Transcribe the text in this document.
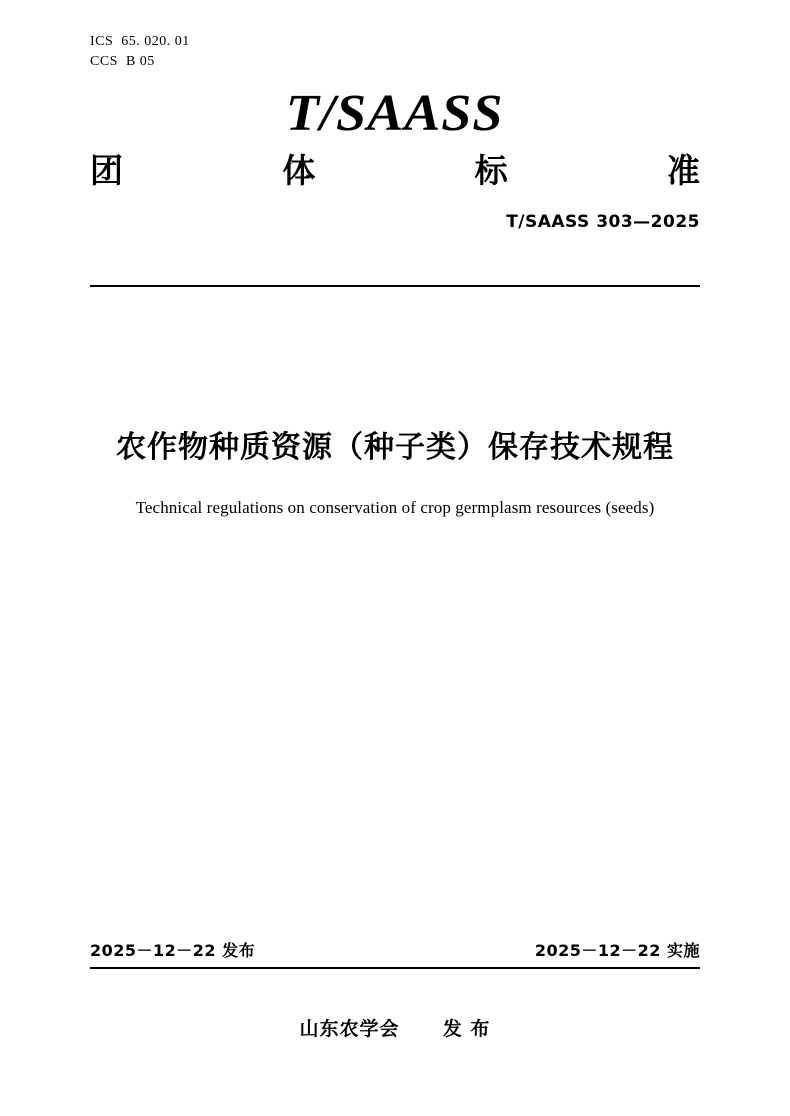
ICS  65. 020. 01
CCS  B 05
T/SAASS
团	体	标	准
T/SAASS 303—2025
农作物种质资源（种子类）保存技术规程
Technical regulations on conservation of crop germplasm resources (seeds)
2025－12－22 发布	2025－12－22 实施
山东农学会 发 布
